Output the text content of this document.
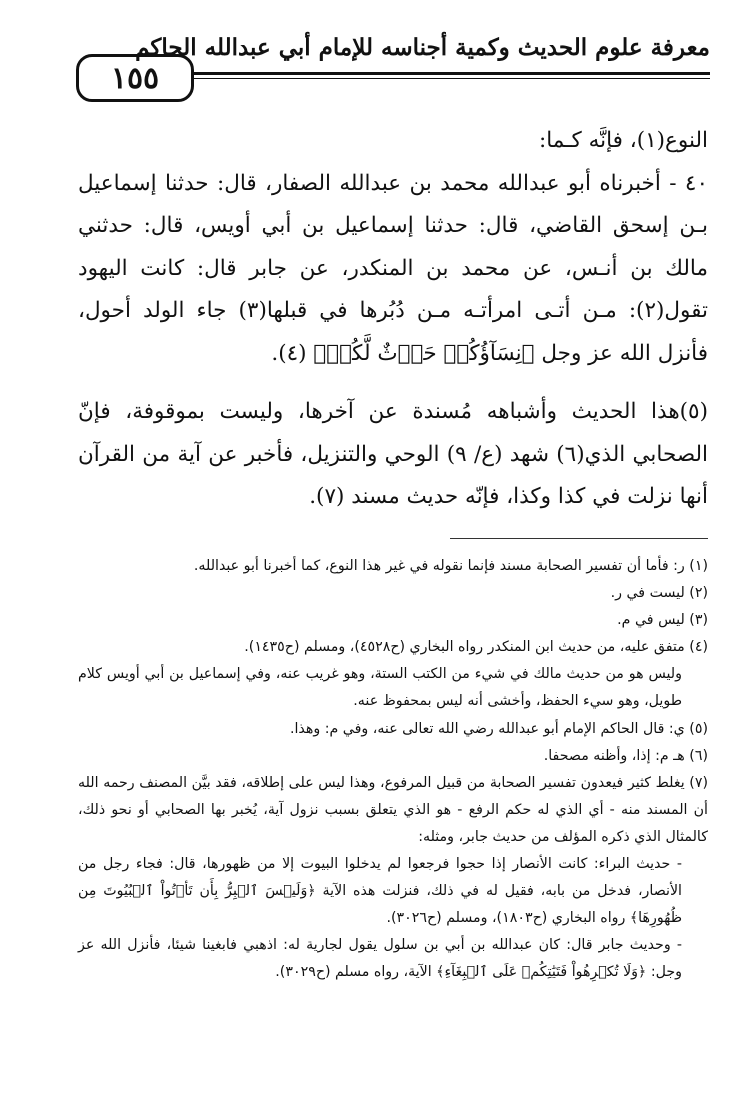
معرفة علوم الحديث وكمية أجناسه للإمام أبي عبدالله الحاكم
١٥٥

النوع(١)، فإنَّه كـما:

٤٠ - أخبرناه أبو عبدالله محمد بن عبدالله الصفار، قال: حدثنا إسماعيل بـن إسحق القاضي، قال: حدثنا إسماعيل بن أبي أويس، قال: حدثني مالك بن أنـس، عن محمد بن المنكدر، عن جابر قال: كانت اليهود تقول(٢): مـن أتـى امرأتـه مـن دُبُرها في قبلها(٣) جاء الولد أحول، فأنزل الله عز وجل ﴿نِسَآؤُكُمۡ حَرۡثٌ لَّكُمۡ﴾ (٤).

(٥)هذا الحديث وأشباهه مُسندة عن آخرها، وليست بموقوفة، فإنّ الصحابي الذي(٦) شهد (ع/ ٩) الوحي والتنزيل، فأخبر عن آية من القرآن أنها نزلت في كذا وكذا، فإنّه حديث مسند (٧).

(١) ر: فأما أن تفسير الصحابة مسند فإنما نقوله في غير هذا النوع، كما أخبرنا أبو عبدالله.

(٢) ليست في ر.

(٣) ليس في م.

(٤) متفق عليه، من حديث ابن المنكدر رواه البخاري (ح٤٥٢٨)، ومسلم (ح١٤٣٥).

وليس هو من حديث مالك في شيء من الكتب الستة، وهو غريب عنه، وفي إسماعيل بن أبي أويس كلام طويل، وهو سيء الحفظ، وأخشى أنه ليس بمحفوظ عنه.

(٥) ي: قال الحاكم الإمام أبو عبدالله رضي الله تعالى عنه، وفي م: وهذا.

(٦) هـ م: إذا، وأظنه مصحفا.

(٧) يغلط كثير فيعدون تفسير الصحابة من قبيل المرفوع، وهذا ليس على إطلاقه، فقد بيَّن المصنف رحمه الله أن المسند منه - أي الذي له حكم الرفع - هو الذي يتعلق بسبب نزول آية، يُخبر بها الصحابي أو نحو ذلك، كالمثال الذي ذكره المؤلف من حديث جابر، ومثله:

- حديث البراء: كانت الأنصار إذا حجوا فرجعوا لم يدخلوا البيوت إلا من ظهورها، قال: فجاء رجل من الأنصار، فدخل من بابه، فقيل له في ذلك، فنزلت هذه الآية ﴿وَلَيۡسَ ٱلۡبِرُّ بِأَن تَأۡتُواْ ٱلۡبُيُوتَ مِن ظُهُورِهَا﴾ رواه البخاري (ح١٨٠٣)، ومسلم (ح٣٠٢٦).

- وحديث جابر قال: كان عبدالله بن أبي بن سلول يقول لجارية له: اذهبي فابغينا شيئا، فأنزل الله عز وجل: ﴿وَلَا تُكۡرِهُواْ فَتَيَٰتِكُمۡ عَلَى ٱلۡبِغَآءِ﴾ الآية، رواه مسلم (ح٣٠٢٩).
